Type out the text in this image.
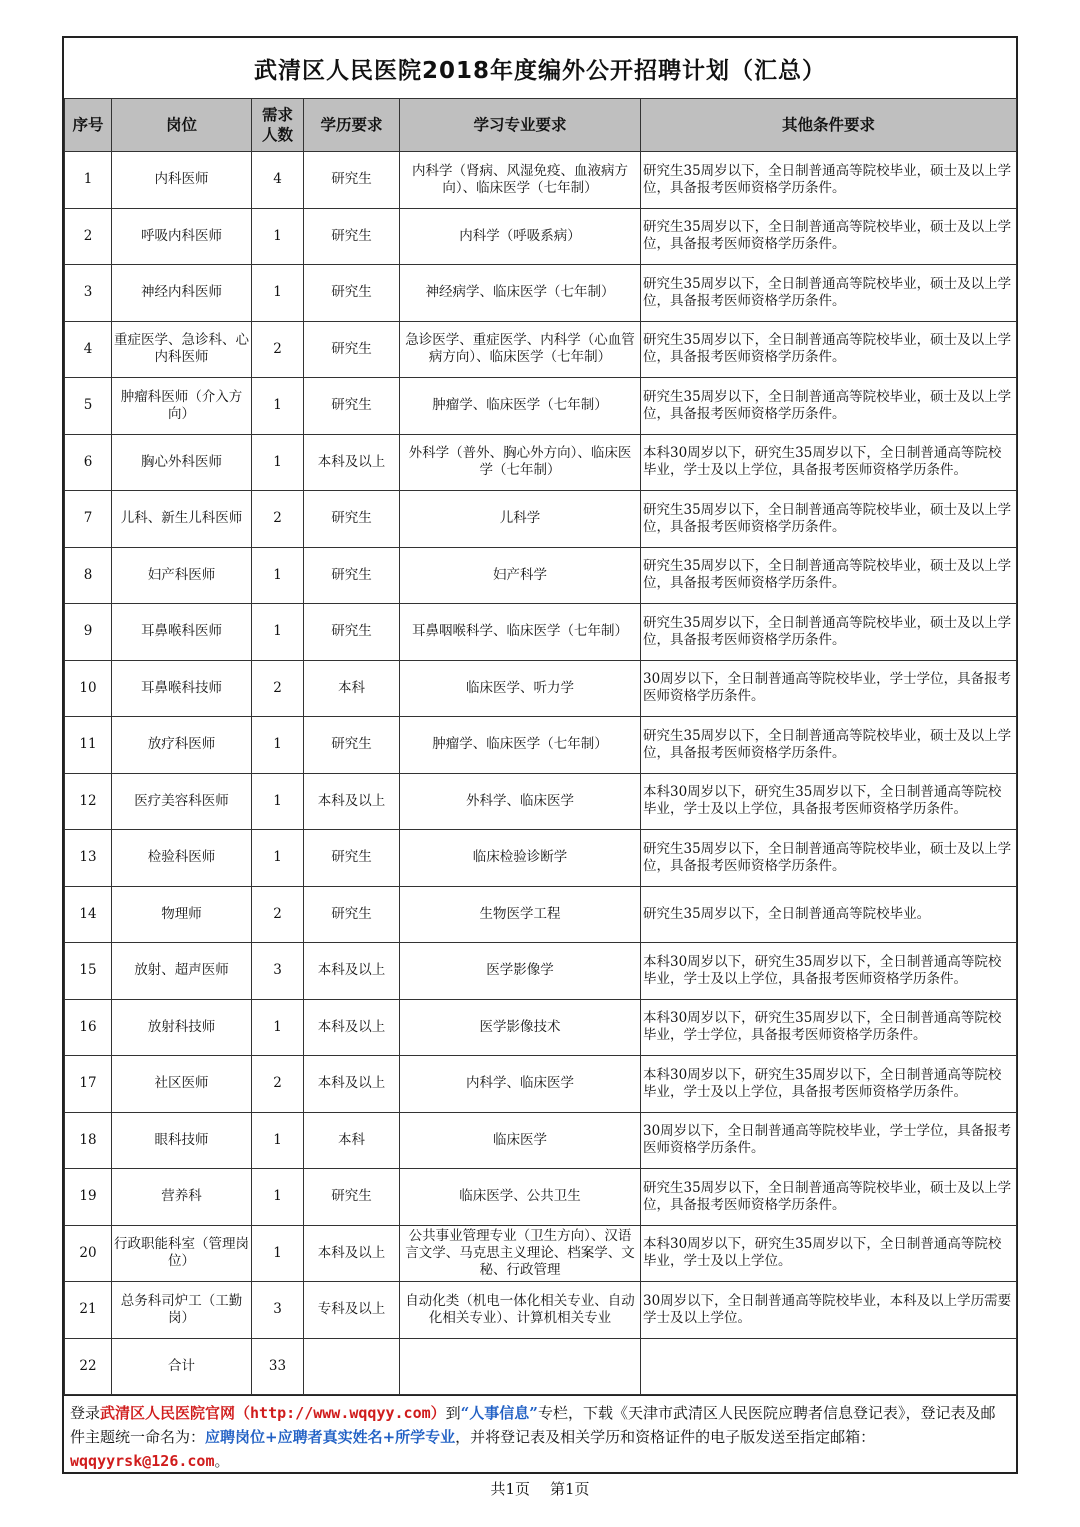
武清区人民医院2018年度编外公开招聘计划（汇总）
序号	岗位	需求人数	学历要求	学习专业要求	其他条件要求
1	内科医师	4	研究生	内科学（肾病、风湿免疫、血液病方向）、临床医学（七年制）	研究生35周岁以下，全日制普通高等院校毕业，硕士及以上学位，具备报考医师资格学历条件。
2	呼吸内科医师	1	研究生	内科学（呼吸系病）	研究生35周岁以下，全日制普通高等院校毕业，硕士及以上学位，具备报考医师资格学历条件。
3	神经内科医师	1	研究生	神经病学、临床医学（七年制）	研究生35周岁以下，全日制普通高等院校毕业，硕士及以上学位，具备报考医师资格学历条件。
4	重症医学、急诊科、心内科医师	2	研究生	急诊医学、重症医学、内科学（心血管病方向）、临床医学（七年制）	研究生35周岁以下，全日制普通高等院校毕业，硕士及以上学位，具备报考医师资格学历条件。
5	肿瘤科医师（介入方向）	1	研究生	肿瘤学、临床医学（七年制）	研究生35周岁以下，全日制普通高等院校毕业，硕士及以上学位，具备报考医师资格学历条件。
6	胸心外科医师	1	本科及以上	外科学（普外、胸心外方向）、临床医学（七年制）	本科30周岁以下，研究生35周岁以下，全日制普通高等院校毕业，学士及以上学位，具备报考医师资格学历条件。
7	儿科、新生儿科医师	2	研究生	儿科学	研究生35周岁以下，全日制普通高等院校毕业，硕士及以上学位，具备报考医师资格学历条件。
8	妇产科医师	1	研究生	妇产科学	研究生35周岁以下，全日制普通高等院校毕业，硕士及以上学位，具备报考医师资格学历条件。
9	耳鼻喉科医师	1	研究生	耳鼻咽喉科学、临床医学（七年制）	研究生35周岁以下，全日制普通高等院校毕业，硕士及以上学位，具备报考医师资格学历条件。
10	耳鼻喉科技师	2	本科	临床医学、听力学	30周岁以下，全日制普通高等院校毕业，学士学位，具备报考医师资格学历条件。
11	放疗科医师	1	研究生	肿瘤学、临床医学（七年制）	研究生35周岁以下，全日制普通高等院校毕业，硕士及以上学位，具备报考医师资格学历条件。
12	医疗美容科医师	1	本科及以上	外科学、临床医学	本科30周岁以下，研究生35周岁以下，全日制普通高等院校毕业，学士及以上学位，具备报考医师资格学历条件。
13	检验科医师	1	研究生	临床检验诊断学	研究生35周岁以下，全日制普通高等院校毕业，硕士及以上学位，具备报考医师资格学历条件。
14	物理师	2	研究生	生物医学工程	研究生35周岁以下，全日制普通高等院校毕业。
15	放射、超声医师	3	本科及以上	医学影像学	本科30周岁以下，研究生35周岁以下，全日制普通高等院校毕业，学士及以上学位，具备报考医师资格学历条件。
16	放射科技师	1	本科及以上	医学影像技术	本科30周岁以下，研究生35周岁以下，全日制普通高等院校毕业，学士学位，具备报考医师资格学历条件。
17	社区医师	2	本科及以上	内科学、临床医学	本科30周岁以下，研究生35周岁以下，全日制普通高等院校毕业，学士及以上学位，具备报考医师资格学历条件。
18	眼科技师	1	本科	临床医学	30周岁以下，全日制普通高等院校毕业，学士学位，具备报考医师资格学历条件。
19	营养科	1	研究生	临床医学、公共卫生	研究生35周岁以下，全日制普通高等院校毕业，硕士及以上学位，具备报考医师资格学历条件。
20	行政职能科室（管理岗位）	1	本科及以上	公共事业管理专业（卫生方向）、汉语言文学、马克思主义理论、档案学、文秘、行政管理	本科30周岁以下，研究生35周岁以下，全日制普通高等院校毕业，学士及以上学位。
21	总务科司炉工（工勤岗）	3	专科及以上	自动化类（机电一体化相关专业、自动化相关专业）、计算机相关专业	30周岁以下，全日制普通高等院校毕业，本科及以上学历需要学士及以上学位。
22	合计	33			
登录武清区人民医院官网（http://www.wqqyy.com）到“人事信息”专栏，下载《天津市武清区人民医院应聘者信息登记表》，登记表及邮件主题统一命名为：应聘岗位+应聘者真实姓名+所学专业，并将登记表及相关学历和资格证件的电子版发送至指定邮箱：wqqyyrsk@126.com。
共1页 第1页
